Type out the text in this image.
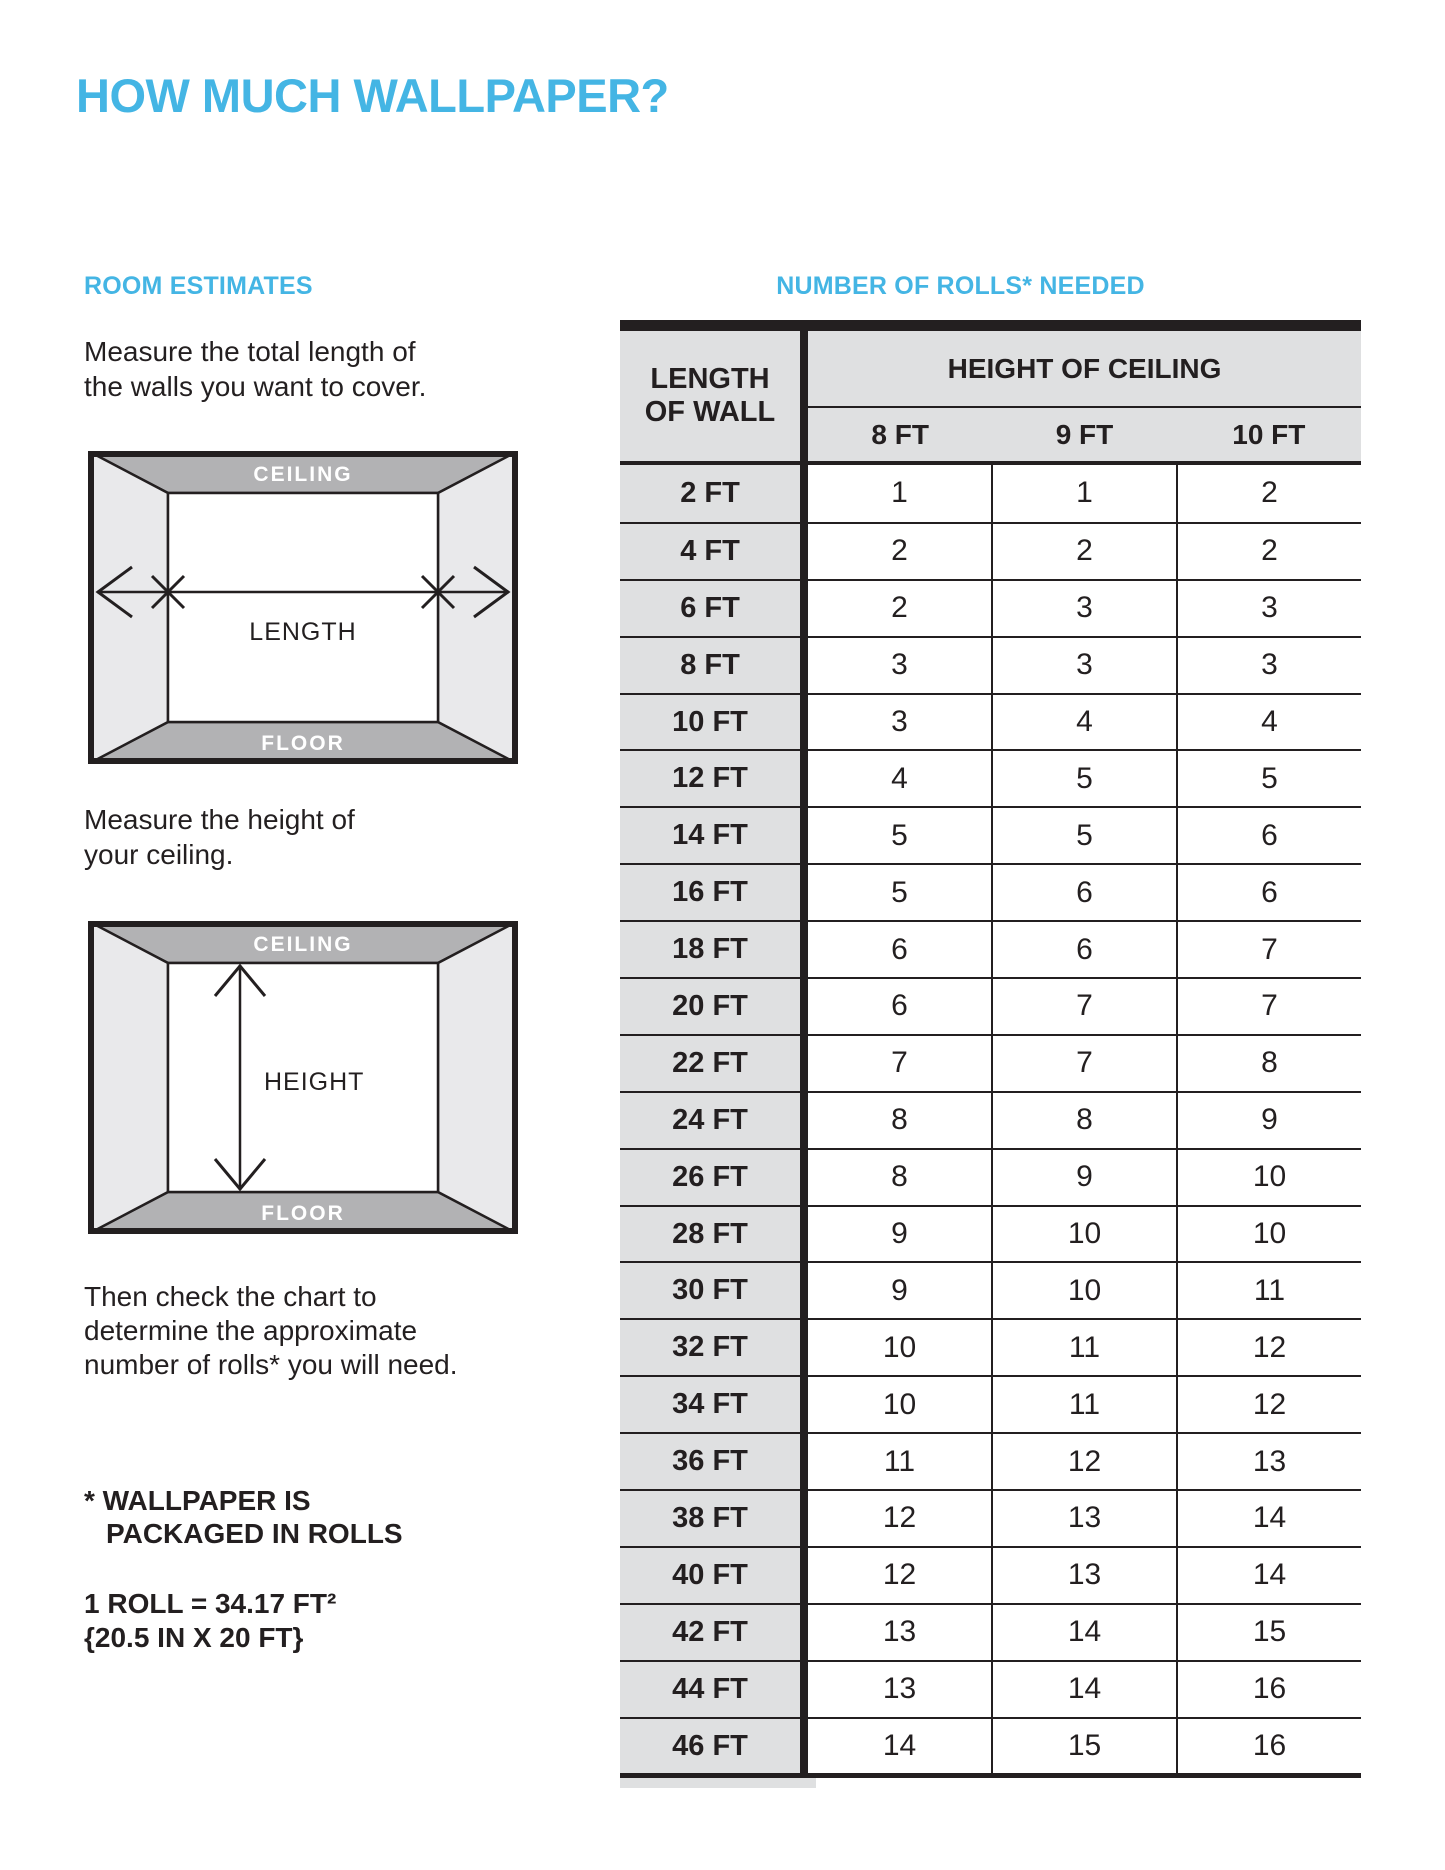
HOW MUCH WALLPAPER?
ROOM ESTIMATES
Measure the total length of
the walls you want to cover.
CEILING
FLOOR
LENGTH
Measure the height of
your ceiling.
CEILING
FLOOR
HEIGHT
Then check the chart to
determine the approximate
number of rolls* you will need.
* WALLPAPER IS
PACKAGED IN ROLLS
1 ROLL = 34.17 FT²
{20.5 IN X 20 FT}
NUMBER OF ROLLS* NEEDED
LENGTH
OF WALL
HEIGHT OF CEILING
8 FT	9 FT	10 FT
2 FT	1	1	2
4 FT	2	2	2
6 FT	2	3	3
8 FT	3	3	3
10 FT	3	4	4
12 FT	4	5	5
14 FT	5	5	6
16 FT	5	6	6
18 FT	6	6	7
20 FT	6	7	7
22 FT	7	7	8
24 FT	8	8	9
26 FT	8	9	10
28 FT	9	10	10
30 FT	9	10	11
32 FT	10	11	12
34 FT	10	11	12
36 FT	11	12	13
38 FT	12	13	14
40 FT	12	13	14
42 FT	13	14	15
44 FT	13	14	16
46 FT	14	15	16
